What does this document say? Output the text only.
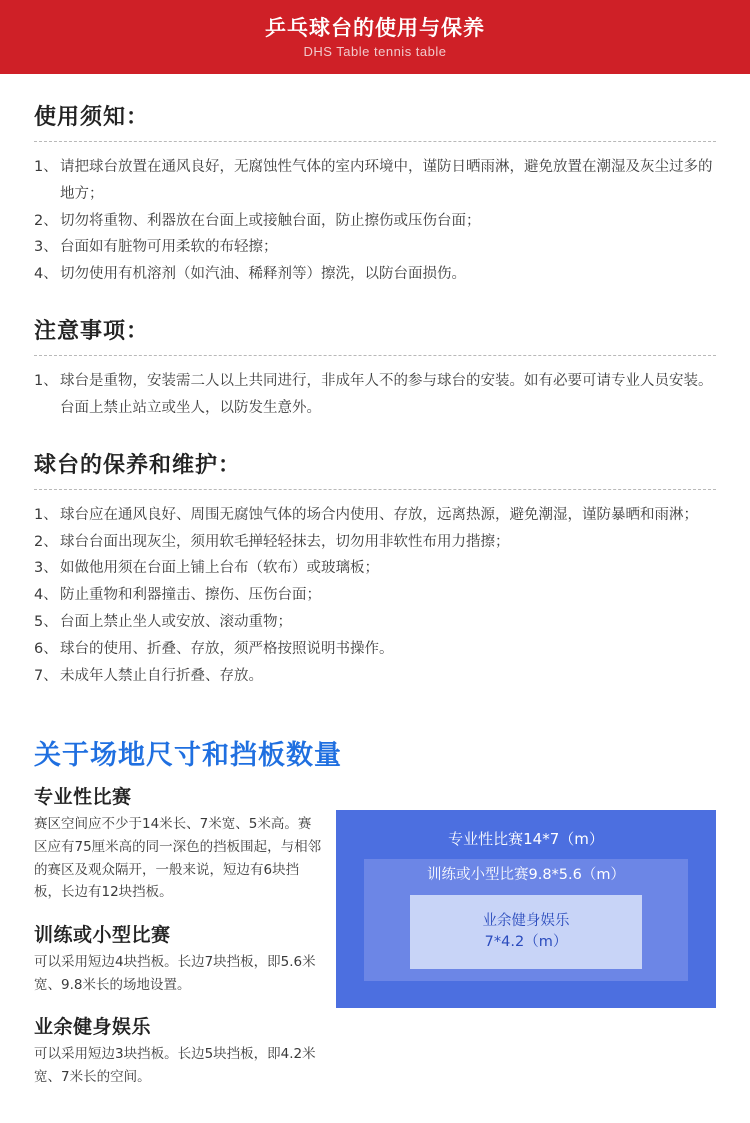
乒乓球台的使用与保养
DHS Table tennis table
使用须知：
1、 请把球台放置在通风良好，无腐蚀性气体的室内环境中，谨防日晒雨淋，避免放置在潮湿及灰尘过多的地方；
2、 切勿将重物、利器放在台面上或接触台面，防止擦伤或压伤台面；
3、 台面如有脏物可用柔软的布轻擦；
4、 切勿使用有机溶剂（如汽油、稀释剂等）擦洗，以防台面损伤。
注意事项：

1、 球台是重物，安装需二人以上共同进行，非成年人不的参与球台的安装。如有必要可请专业人员安装。台面上禁止站立或坐人，以防发生意外。

球台的保养和维护：
1、 球台应在通风良好、周围无腐蚀气体的场合内使用、存放，远离热源，避免潮湿，谨防暴晒和雨淋；
2、 球台台面出现灰尘，须用软毛掸轻轻抹去，切勿用非软性布用力揩擦；
3、 如做他用须在台面上铺上台布（软布）或玻璃板；
4、 防止重物和利器撞击、擦伤、压伤台面；
5、 台面上禁止坐人或安放、滚动重物；
6、 球台的使用、折叠、存放，须严格按照说明书操作。
7、 未成年人禁止自行折叠、存放。
关于场地尺寸和挡板数量
专业性比赛

赛区空间应不少于14米长、7米宽、5米高。赛区应有75厘米高的同一深色的挡板围起，与相邻的赛区及观众隔开，一般来说，短边有6块挡板，长边有12块挡板。

训练或小型比赛

可以采用短边4块挡板。长边7块挡板，即5.6米宽、9.8米长的场地设置。

业余健身娱乐

可以采用短边3块挡板。长边5块挡板，即4.2米宽、7米长的空间。

专业性比赛14*7（m）
训练或小型比赛9.8*5.6（m）
业余健身娱乐
7*4.2（m）
